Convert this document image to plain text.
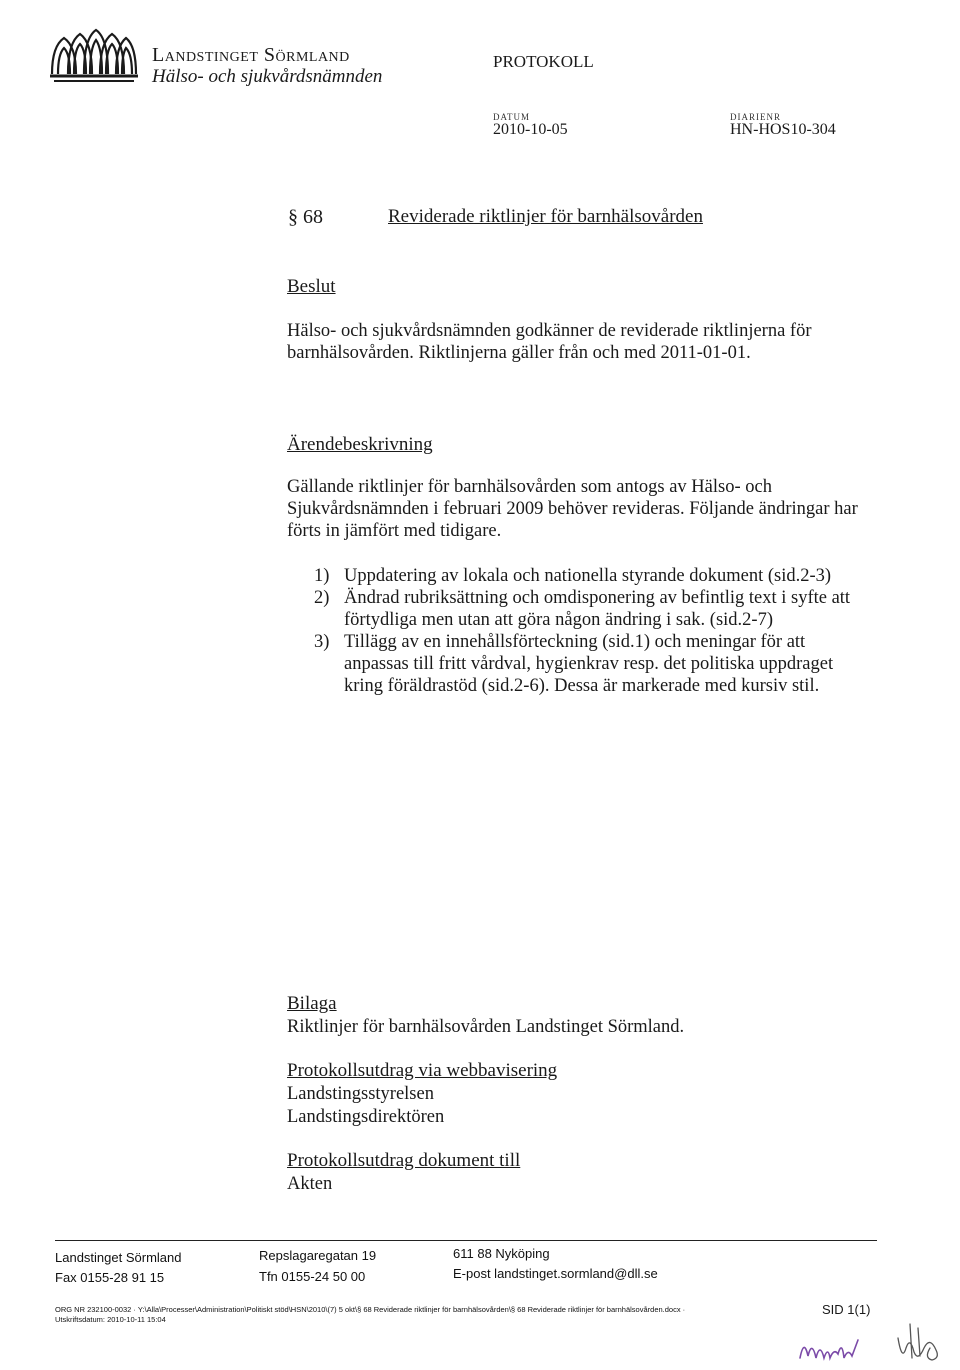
Landstinget Sörmland
Hälso- och sjukvårdsnämnden
PROTOKOLL
DATUM
2010-10-05
DIARIENR
HN-HOS10-304
§ 68	Reviderade riktlinjer för barnhälsovården
Beslut
Hälso- och sjukvårdsnämnden godkänner de reviderade riktlinjerna för barnhälsovården. Riktlinjerna gäller från och med 2011-01-01.
Ärendebeskrivning
Gällande riktlinjer för barnhälsovården som antogs av Hälso- och Sjukvårdsnämnden i februari 2009 behöver revideras. Följande ändringar har förts in jämfört med tidigare.
1) Uppdatering av lokala och nationella styrande dokument (sid.2-3)
2) Ändrad rubriksättning och omdisponering av befintlig text i syfte att förtydliga men utan att göra någon ändring i sak. (sid.2-7)
3) Tillägg av en innehållsförteckning (sid.1) och meningar för att anpassas till fritt vårdval, hygienkrav resp. det politiska uppdraget kring föräldrastöd (sid.2-6). Dessa är markerade med kursiv stil.
Bilaga
Riktlinjer för barnhälsovården Landstinget Sörmland.
Protokollsutdrag via webbavisering
Landstingsstyrelsen
Landstingsdirektören
Protokollsutdrag dokument till
Akten
Landstinget Sörmland
Fax 0155-28 91 15
Repslagaregatan 19
Tfn 0155-24 50 00
611 88 Nyköping
E-post landstinget.sormland@dll.se
ORG NR 232100-0032 · Y:\Alla\Processer\Administration\Politiskt stöd\HSN\2010\(7) 5 okt\§ 68 Reviderade riktlinjer för barnhälsovården\§ 68 Reviderade riktlinjer för barnhälsovården.docx · Utskriftsdatum: 2010-10-11 15:04
SID 1(1)
